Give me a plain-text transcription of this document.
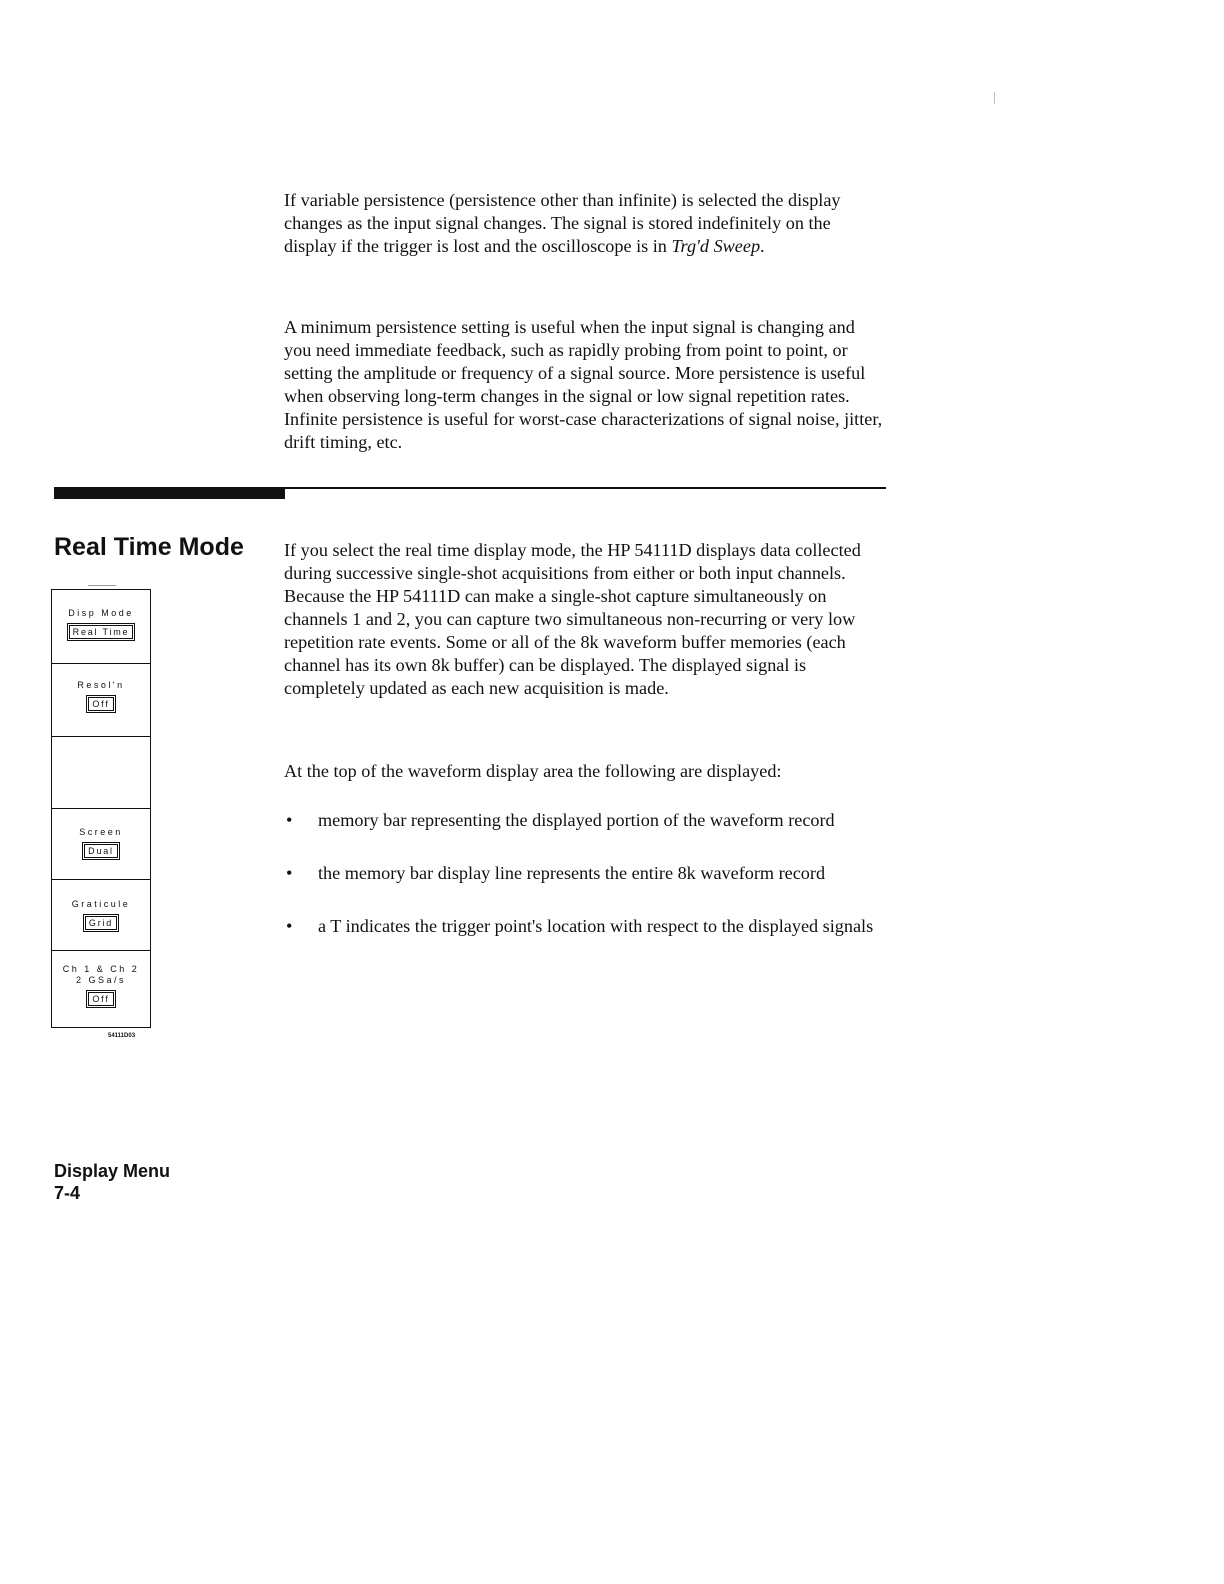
If variable persistence (persistence other than infinite) is selected the display changes as the input signal changes. The signal is stored indefinitely on the display if the trigger is lost and the oscilloscope is in Trg'd Sweep.

A minimum persistence setting is useful when the input signal is changing and you need immediate feedback, such as rapidly probing from point to point, or setting the amplitude or frequency of a signal source. More persistence is useful when observing long-term changes in the signal or low signal repetition rates. Infinite persistence is useful for worst-case characterizations of signal noise, jitter, drift timing, etc.

Real Time Mode If you select the real time display mode, the HP 54111D displays data collected during successive single-shot acquisitions from either or both input channels. Because the HP 54111D can make a single-shot capture simultaneously on channels 1 and 2, you can capture two simultaneous non-recurring or very low repetition rate events. Some or all of the 8k waveform buffer memories (each channel has its own 8k buffer) can be displayed. The displayed signal is completely updated as each new acquisition is made.

At the top of the waveform display area the following are displayed:

• memory bar representing the displayed portion of the waveform record
• the memory bar display line represents the entire 8k waveform record
• a T indicates the trigger point's location with respect to the displayed signals
Disp Mode
Real Time
Resol'n
Off
Screen
Dual
Graticule
Grid
Ch 1 & Ch 2
2 GSa/s
Off
54111D03
Display Menu
7-4
